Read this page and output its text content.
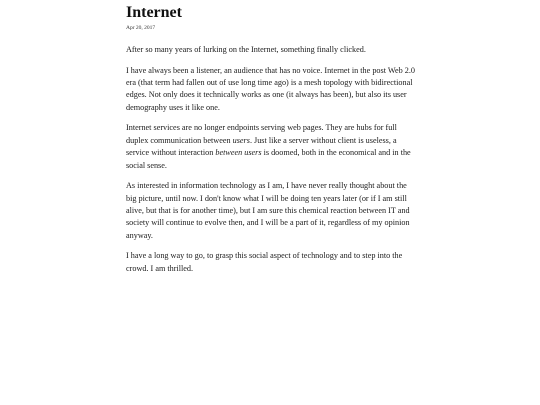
Internet
Apr 20, 2017

After so many years of lurking on the Internet, something finally clicked.

I have always been a listener, an audience that has no voice. Internet in the post Web 2.0 era (that term had fallen out of use long time ago) is a mesh topology with bidirectional edges. Not only does it technically works as one (it always has been), but also its user demography uses it like one.

Internet services are no longer endpoints serving web pages. They are hubs for full duplex communication between users. Just like a server without client is useless, a service without interaction between users is doomed, both in the economical and in the social sense.

As interested in information technology as I am, I have never really thought about the big picture, until now. I don't know what I will be doing ten years later (or if I am still alive, but that is for another time), but I am sure this chemical reaction between IT and society will continue to evolve then, and I will be a part of it, regardless of my opinion anyway.

I have a long way to go, to grasp this social aspect of technology and to step into the crowd. I am thrilled.
